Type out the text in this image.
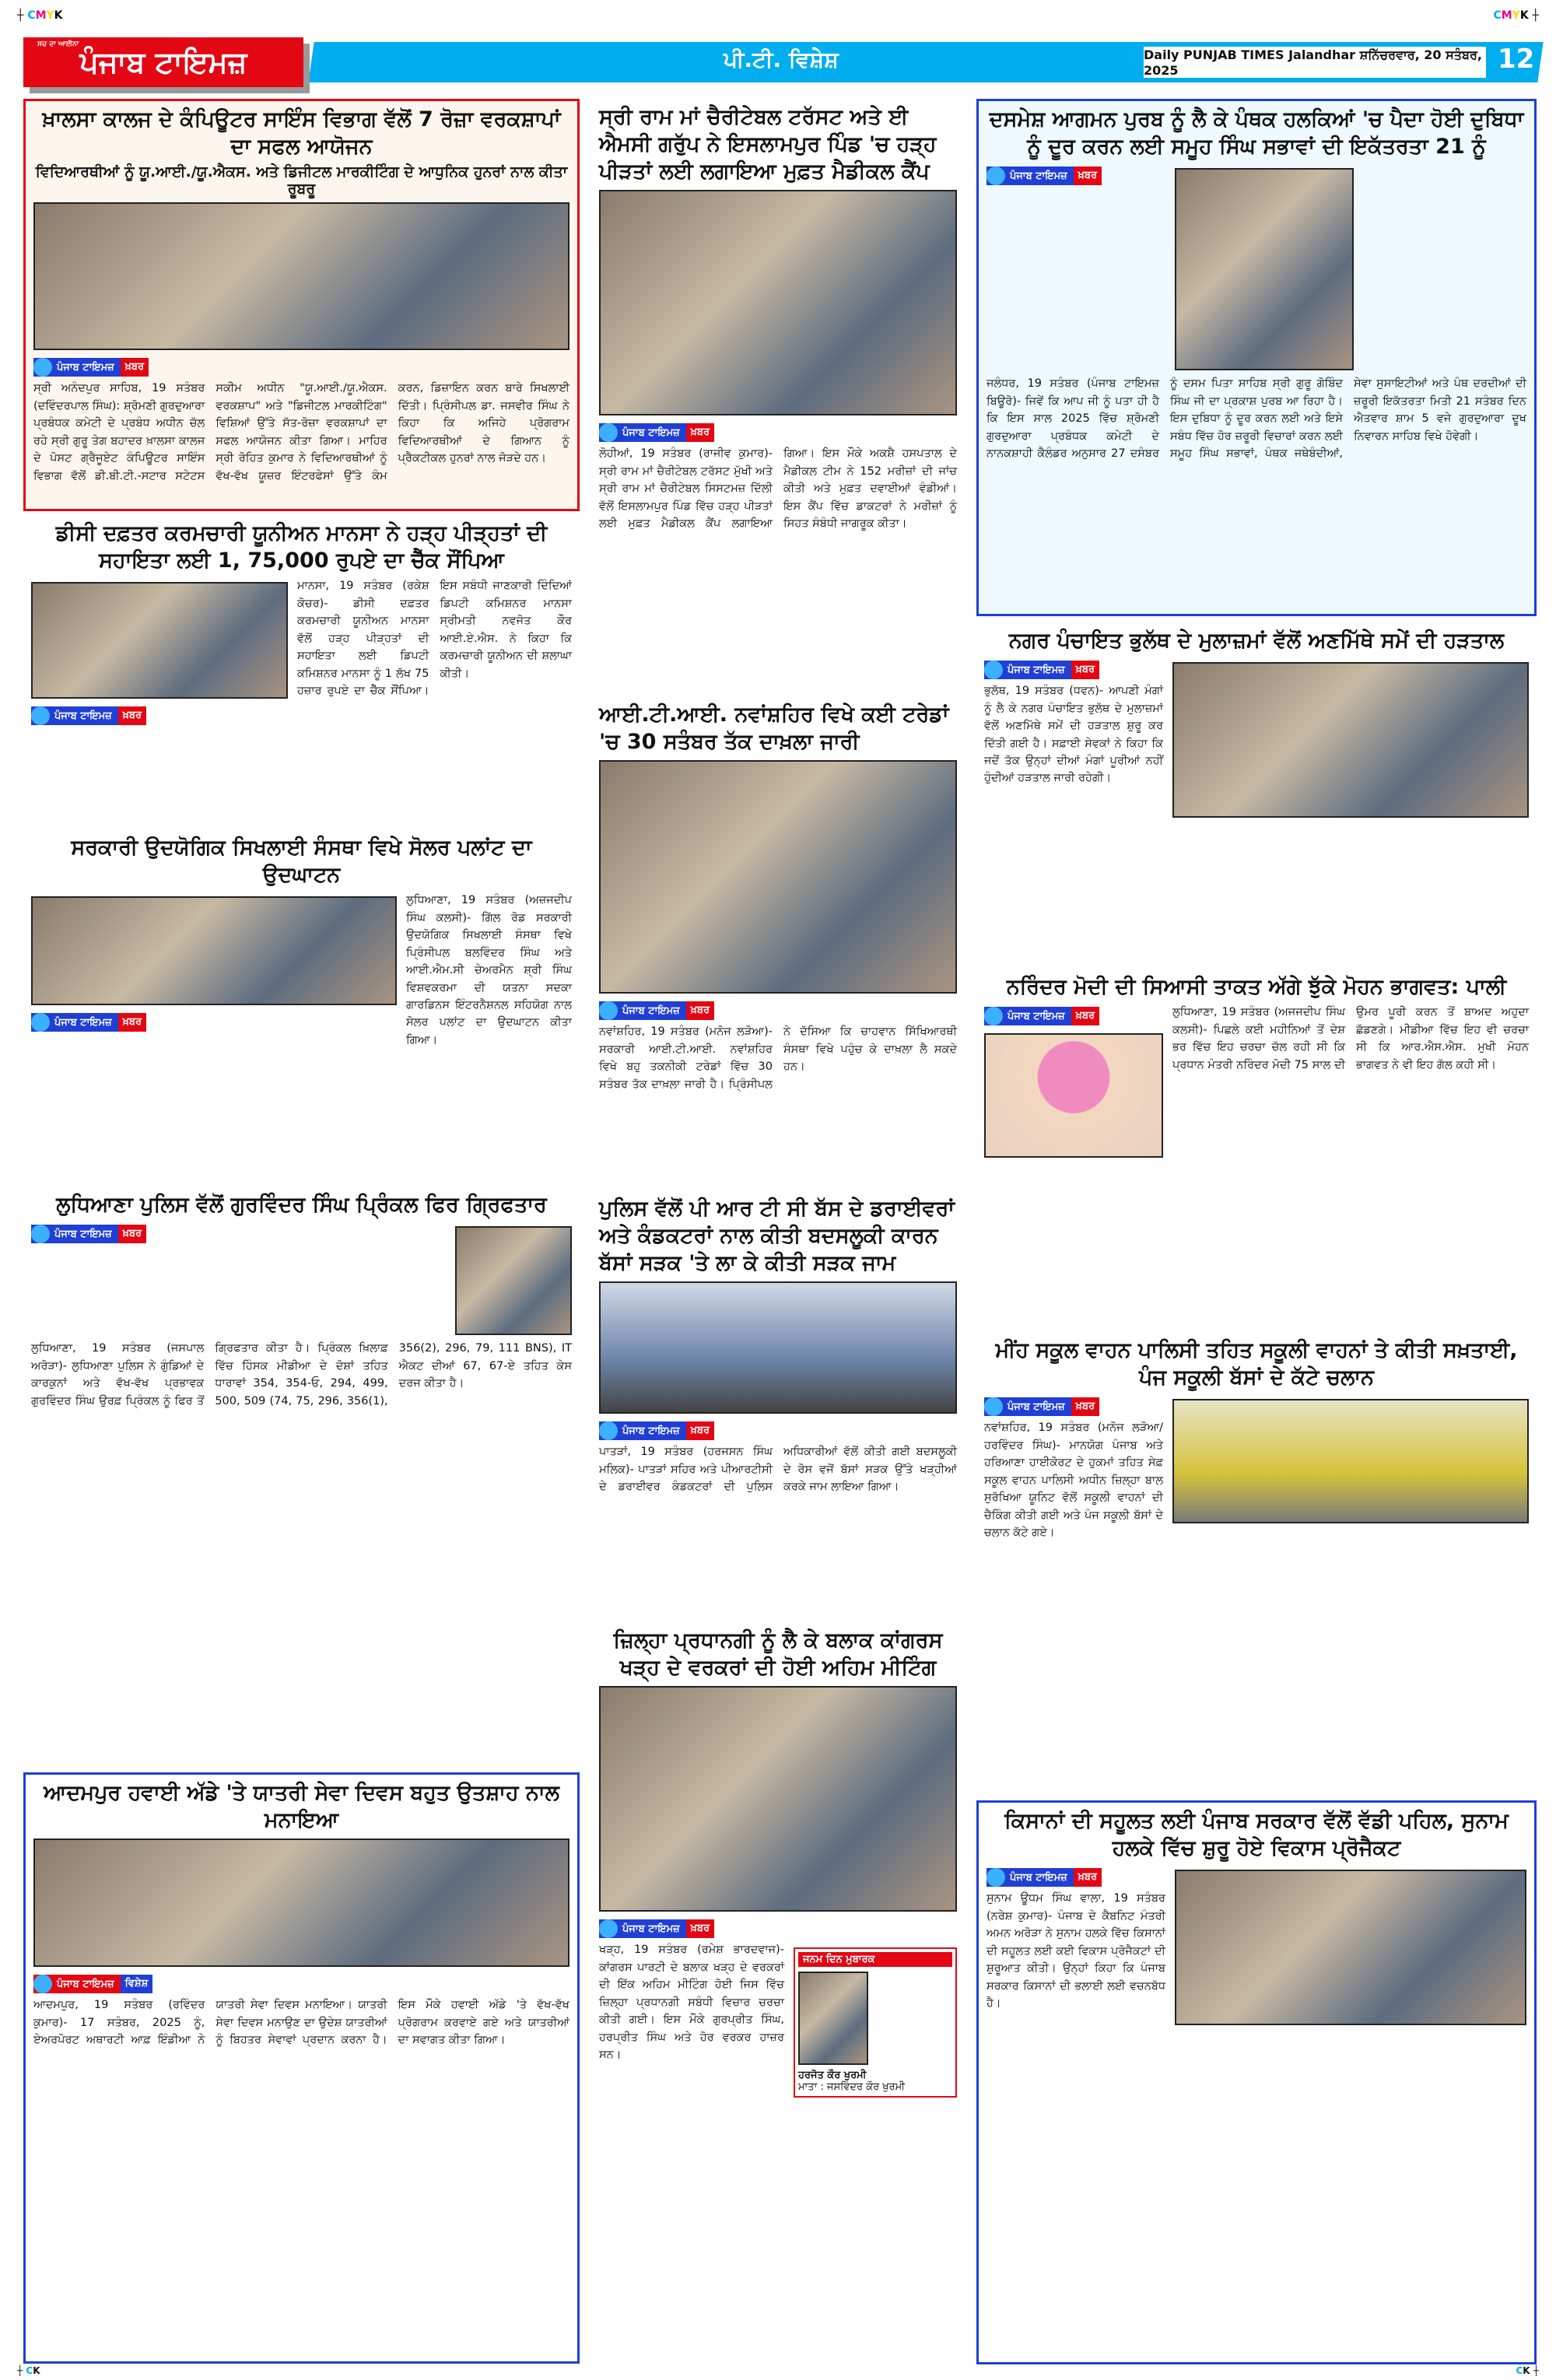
┼ CMYK	CMYK ┼
ਸਚ ਦਾ ਆਈਨਾ
ਪੰਜਾਬ ਟਾਇਮਜ਼	ਪੀ.ਟੀ. ਵਿਸ਼ੇਸ਼	Daily PUNJAB TIMES Jalandhar ਸ਼ਨਿੱਚਰਵਾਰ, 20 ਸਤੰਬਰ, 2025	12
ਖ਼ਾਲਸਾ ਕਾਲਜ ਦੇ ਕੰਪਿਊਟਰ ਸਾਇੰਸ ਵਿਭਾਗ ਵੱਲੋਂ 7 ਰੋਜ਼ਾ ਵਰਕਸ਼ਾਪਾਂ ਦਾ ਸਫਲ ਆਯੋਜਨ
ਵਿਦਿਆਰਥੀਆਂ ਨੂੰ ਯੂ.ਆਈ./ਯੂ.ਐਕਸ. ਅਤੇ ਡਿਜੀਟਲ ਮਾਰਕੀਟਿੰਗ ਦੇ ਆਧੁਨਿਕ ਹੁਨਰਾਂ ਨਾਲ ਕੀਤਾ ਰੂਬਰੂ
ਪੰਜਾਬ ਟਾਇਮਜ਼	ਖ਼ਬਰ
ਸ੍ਰੀ ਅਨੰਦਪੁਰ ਸਾਹਿਬ, 19 ਸਤੰਬਰ (ਦਵਿੰਦਰਪਾਲ ਸਿੰਘ): ਸ਼੍ਰੋਮਣੀ ਗੁਰਦੁਆਰਾ ਪ੍ਰਬੰਧਕ ਕਮੇਟੀ ਦੇ ਪ੍ਰਬੰਧ ਅਧੀਨ ਚੱਲ ਰਹੇ ਸ੍ਰੀ ਗੁਰੂ ਤੇਗ ਬਹਾਦਰ ਖ਼ਾਲਸਾ ਕਾਲਜ ਦੇ ਪੋਸਟ ਗ੍ਰੈਜੂਏਟ ਕੰਪਿਊਟਰ ਸਾਇੰਸ ਵਿਭਾਗ ਵੱਲੋਂ ਡੀ.ਬੀ.ਟੀ.-ਸਟਾਰ ਸਟੇਟਸ ਸਕੀਮ ਅਧੀਨ "ਯੂ.ਆਈ./ਯੂ.ਐਕਸ. ਵਰਕਸ਼ਾਪ" ਅਤੇ "ਡਿਜੀਟਲ ਮਾਰਕੀਟਿੰਗ" ਵਿਸ਼ਿਆਂ ਉੱਤੇ ਸੱਤ-ਰੋਜ਼ਾ ਵਰਕਸ਼ਾਪਾਂ ਦਾ ਸਫਲ ਆਯੋਜਨ ਕੀਤਾ ਗਿਆ। ਮਾਹਿਰ ਸ੍ਰੀ ਰੋਹਿਤ ਕੁਮਾਰ ਨੇ ਵਿਦਿਆਰਥੀਆਂ ਨੂੰ ਵੱਖ-ਵੱਖ ਯੂਜ਼ਰ ਇੰਟਰਫੇਸਾਂ ਉੱਤੇ ਕੰਮ ਕਰਨ, ਡਿਜ਼ਾਇਨ ਕਰਨ ਬਾਰੇ ਸਿਖਲਾਈ ਦਿੱਤੀ। ਪ੍ਰਿੰਸੀਪਲ ਡਾ. ਜਸਵੀਰ ਸਿੰਘ ਨੇ ਕਿਹਾ ਕਿ ਅਜਿਹੇ ਪ੍ਰੋਗਰਾਮ ਵਿਦਿਆਰਥੀਆਂ ਦੇ ਗਿਆਨ ਨੂੰ ਪ੍ਰੈਕਟੀਕਲ ਹੁਨਰਾਂ ਨਾਲ ਜੋੜਦੇ ਹਨ।
ਡੀਸੀ ਦਫ਼ਤਰ ਕਰਮਚਾਰੀ ਯੂਨੀਅਨ ਮਾਨਸਾ ਨੇ ਹੜ੍ਹ ਪੀੜ੍ਹਤਾਂ ਦੀ ਸਹਾਇਤਾ ਲਈ 1, 75,000 ਰੁਪਏ ਦਾ ਚੈੱਕ ਸੌਂਪਿਆ
ਪੰਜਾਬ ਟਾਇਮਜ਼	ਖ਼ਬਰ
ਮਾਨਸਾ, 19 ਸਤੰਬਰ (ਰਕੇਸ਼ ਕੋਚਰ)- ਡੀਸੀ ਦਫ਼ਤਰ ਕਰਮਚਾਰੀ ਯੂਨੀਅਨ ਮਾਨਸਾ ਵੱਲੋਂ ਹੜ੍ਹ ਪੀੜ੍ਹਤਾਂ ਦੀ ਸਹਾਇਤਾ ਲਈ ਡਿਪਟੀ ਕਮਿਸ਼ਨਰ ਮਾਨਸਾ ਨੂੰ 1 ਲੱਖ 75 ਹਜ਼ਾਰ ਰੁਪਏ ਦਾ ਚੈੱਕ ਸੌਂਪਿਆ। ਇਸ ਸਬੰਧੀ ਜਾਣਕਾਰੀ ਦਿੰਦਿਆਂ ਡਿਪਟੀ ਕਮਿਸ਼ਨਰ ਮਾਨਸਾ ਸ੍ਰੀਮਤੀ ਨਵਜੋਤ ਕੌਰ ਆਈ.ਏ.ਐਸ. ਨੇ ਕਿਹਾ ਕਿ ਕਰਮਚਾਰੀ ਯੂਨੀਅਨ ਦੀ ਸ਼ਲਾਘਾ ਕੀਤੀ।
ਸਰਕਾਰੀ ਉਦਯੋਗਿਕ ਸਿਖਲਾਈ ਸੰਸਥਾ ਵਿਖੇ ਸੋਲਰ ਪਲਾਂਟ ਦਾ ਉਦਘਾਟਨ
ਪੰਜਾਬ ਟਾਇਮਜ਼	ਖ਼ਬਰ
ਲੁਧਿਆਣਾ, 19 ਸਤੰਬਰ (ਅਜ਼ਜਦੀਪ ਸਿੰਘ ਕਲਸੀ)- ਗਿੱਲ ਰੋਡ ਸਰਕਾਰੀ ਉਦਯੋਗਿਕ ਸਿਖਲਾਈ ਸੰਸਥਾ ਵਿਖੇ ਪ੍ਰਿੰਸੀਪਲ ਬਲਵਿੰਦਰ ਸਿੰਘ ਅਤੇ ਆਈ.ਐਮ.ਸੀ ਚੇਅਰਮੈਨ ਸ਼੍ਰੀ ਸਿੰਘ ਵਿਸ਼ਵਕਰਮਾ ਦੀ ਯਤਨਾ ਸਦਕਾ ਗਾਰਡਿਨਸ ਇੰਟਰਨੈਸ਼ਨਲ ਸਹਿਯੋਗ ਨਾਲ ਸੋਲਰ ਪਲਾਂਟ ਦਾ ਉਦਘਾਟਨ ਕੀਤਾ ਗਿਆ।
ਲੁਧਿਆਣਾ ਪੁਲਿਸ ਵੱਲੋਂ ਗੁਰਵਿੰਦਰ ਸਿੰਘ ਪ੍ਰਿੰਕਲ ਫਿਰ ਗ੍ਰਿਫਤਾਰ
ਪੰਜਾਬ ਟਾਇਮਜ਼	ਖ਼ਬਰ
ਲੁਧਿਆਣਾ, 19 ਸਤੰਬਰ (ਜਸਪਾਲ ਅਰੋੜਾ)- ਲੁਧਿਆਣਾ ਪੁਲਿਸ ਨੇ ਗੁੰਡਿਆਂ ਦੇ ਕਾਰਕੁਨਾਂ ਅਤੇ ਵੱਖ-ਵੱਖ ਪ੍ਰਭਾਵਕ ਗੁਰਵਿੰਦਰ ਸਿੰਘ ਉਰਫ਼ ਪ੍ਰਿੰਕਲ ਨੂੰ ਫਿਰ ਤੋਂ ਗ੍ਰਿਫਤਾਰ ਕੀਤਾ ਹੈ। ਪ੍ਰਿੰਕਲ ਖ਼ਿਲਾਫ਼ ਵਿੱਚ ਹਿੰਸਕ ਮੀਡੀਆ ਦੇ ਦੋਸ਼ਾਂ ਤਹਿਤ ਧਾਰਾਵਾਂ 354, 354-ਓ, 294, 499, 500, 509 (74, 75, 296, 356(1), 356(2), 296, 79, 111 BNS), IT ਐਕਟ ਦੀਆਂ 67, 67-ਏ ਤਹਿਤ ਕੇਸ ਦਰਜ ਕੀਤਾ ਹੈ।
ਆਦਮਪੁਰ ਹਵਾਈ ਅੱਡੇ 'ਤੇ ਯਾਤਰੀ ਸੇਵਾ ਦਿਵਸ ਬਹੁਤ ਉਤਸ਼ਾਹ ਨਾਲ ਮਨਾਇਆ
ਪੰਜਾਬ ਟਾਇਮਜ਼	ਵਿਸ਼ੇਸ਼
ਆਦਮਪੁਰ, 19 ਸਤੰਬਰ (ਰਵਿੰਦਰ ਕੁਮਾਰ)- 17 ਸਤੰਬਰ, 2025 ਨੂੰ, ਏਅਰਪੋਰਟ ਅਥਾਰਟੀ ਆਫ਼ ਇੰਡੀਆ ਨੇ ਯਾਤਰੀ ਸੇਵਾ ਦਿਵਸ ਮਨਾਇਆ। ਯਾਤਰੀ ਸੇਵਾ ਦਿਵਸ ਮਨਾਉਣ ਦਾ ਉਦੇਸ਼ ਯਾਤਰੀਆਂ ਨੂੰ ਬਿਹਤਰ ਸੇਵਾਵਾਂ ਪ੍ਰਦਾਨ ਕਰਨਾ ਹੈ। ਇਸ ਮੌਕੇ ਹਵਾਈ ਅੱਡੇ 'ਤੇ ਵੱਖ-ਵੱਖ ਪ੍ਰੋਗਰਾਮ ਕਰਵਾਏ ਗਏ ਅਤੇ ਯਾਤਰੀਆਂ ਦਾ ਸਵਾਗਤ ਕੀਤਾ ਗਿਆ।
ਸ੍ਰੀ ਰਾਮ ਮਾਂ ਚੈਰੀਟੇਬਲ ਟਰੱਸਟ ਅਤੇ ਈ ਐਮਸੀ ਗਰੁੱਪ ਨੇ ਇਸਲਾਮਪੁਰ ਪਿੰਡ 'ਚ ਹੜ੍ਹ ਪੀੜਤਾਂ ਲਈ ਲਗਾਇਆ ਮੁਫ਼ਤ ਮੈਡੀਕਲ ਕੈਂਪ
ਪੰਜਾਬ ਟਾਇਮਜ਼	ਖ਼ਬਰ
ਲੋਹੀਆਂ, 19 ਸਤੰਬਰ (ਰਾਜੀਵ ਕੁਮਾਰ)- ਸ੍ਰੀ ਰਾਮ ਮਾਂ ਚੈਰੀਟੇਬਲ ਟਰੱਸਟ ਮੁੱਖੀ ਅਤੇ ਸ੍ਰੀ ਰਾਮ ਮਾਂ ਚੈਰੀਟੇਬਲ ਸਿਸਟਮਜ਼ ਦਿੱਲੀ ਵੱਲੋਂ ਇਸਲਾਮਪੁਰ ਪਿੰਡ ਵਿੱਚ ਹੜ੍ਹ ਪੀੜਤਾਂ ਲਈ ਮੁਫ਼ਤ ਮੈਡੀਕਲ ਕੈਂਪ ਲਗਾਇਆ ਗਿਆ। ਇਸ ਮੌਕੇ ਅਕਸ਼ੈ ਹਸਪਤਾਲ ਦੇ ਮੈਡੀਕਲ ਟੀਮ ਨੇ 152 ਮਰੀਜ਼ਾਂ ਦੀ ਜਾਂਚ ਕੀਤੀ ਅਤੇ ਮੁਫ਼ਤ ਦਵਾਈਆਂ ਵੰਡੀਆਂ। ਇਸ ਕੈਂਪ ਵਿੱਚ ਡਾਕਟਰਾਂ ਨੇ ਮਰੀਜ਼ਾਂ ਨੂੰ ਸਿਹਤ ਸੰਬੰਧੀ ਜਾਗਰੂਕ ਕੀਤਾ।
ਆਈ.ਟੀ.ਆਈ. ਨਵਾਂਸ਼ਹਿਰ ਵਿਖੇ ਕਈ ਟਰੇਡਾਂ 'ਚ 30 ਸਤੰਬਰ ਤੱਕ ਦਾਖ਼ਲਾ ਜਾਰੀ
ਪੰਜਾਬ ਟਾਇਮਜ਼	ਖ਼ਬਰ
ਨਵਾਂਸ਼ਹਿਰ, 19 ਸਤੰਬਰ (ਮਨੋਜ ਲੜੋਆ)- ਸਰਕਾਰੀ ਆਈ.ਟੀ.ਆਈ. ਨਵਾਂਸ਼ਹਿਰ ਵਿਖੇ ਬਹੁ ਤਕਨੀਕੀ ਟਰੇਡਾਂ ਵਿੱਚ 30 ਸਤੰਬਰ ਤੱਕ ਦਾਖ਼ਲਾ ਜਾਰੀ ਹੈ। ਪ੍ਰਿੰਸੀਪਲ ਨੇ ਦੱਸਿਆ ਕਿ ਚਾਹਵਾਨ ਸਿੱਖਿਆਰਥੀ ਸੰਸਥਾ ਵਿਖੇ ਪਹੁੰਚ ਕੇ ਦਾਖ਼ਲਾ ਲੈ ਸਕਦੇ ਹਨ।
ਪੁਲਿਸ ਵੱਲੋਂ ਪੀ ਆਰ ਟੀ ਸੀ ਬੱਸ ਦੇ ਡਰਾਈਵਰਾਂ ਅਤੇ ਕੰਡਕਟਰਾਂ ਨਾਲ ਕੀਤੀ ਬਦਸਲੂਕੀ ਕਾਰਨ ਬੱਸਾਂ ਸੜਕ 'ਤੇ ਲਾ ਕੇ ਕੀਤੀ ਸੜਕ ਜਾਮ
ਪੰਜਾਬ ਟਾਇਮਜ਼	ਖ਼ਬਰ
ਪਾਤੜਾਂ, 19 ਸਤੰਬਰ (ਹਰਜਸਨ ਸਿੰਘ ਮਲਿਕ)- ਪਾਤੜਾਂ ਸਹਿਰ ਅਤੇ ਪੀਆਰਟੀਸੀ ਦੇ ਡਰਾਈਵਰ ਕੰਡਕਟਰਾਂ ਦੀ ਪੁਲਿਸ ਅਧਿਕਾਰੀਆਂ ਵੱਲੋਂ ਕੀਤੀ ਗਈ ਬਦਸਲੂਕੀ ਦੇ ਰੋਸ ਵਜੋਂ ਬੱਸਾਂ ਸੜਕ ਉੱਤੇ ਖੜ੍ਹੀਆਂ ਕਰਕੇ ਜਾਮ ਲਾਇਆ ਗਿਆ।
ਜ਼ਿਲ੍ਹਾ ਪ੍ਰਧਾਨਗੀ ਨੂੰ ਲੈ ਕੇ ਬਲਾਕ ਕਾਂਗਰਸ ਖੜ੍ਹ ਦੇ ਵਰਕਰਾਂ ਦੀ ਹੋਈ ਅਹਿਮ ਮੀਟਿੰਗ
ਪੰਜਾਬ ਟਾਇਮਜ਼	ਖ਼ਬਰ
ਖੜ੍ਹ, 19 ਸਤੰਬਰ (ਰਮੇਸ਼ ਭਾਰਦਵਾਜ)- ਕਾਂਗਰਸ ਪਾਰਟੀ ਦੇ ਬਲਾਕ ਖੜ੍ਹ ਦੇ ਵਰਕਰਾਂ ਦੀ ਇੱਕ ਅਹਿਮ ਮੀਟਿੰਗ ਹੋਈ ਜਿਸ ਵਿੱਚ ਜ਼ਿਲ੍ਹਾ ਪ੍ਰਧਾਨਗੀ ਸਬੰਧੀ ਵਿਚਾਰ ਚਰਚਾ ਕੀਤੀ ਗਈ। ਇਸ ਮੌਕੇ ਗੁਰਪ੍ਰੀਤ ਸਿੰਘ, ਹਰਪ੍ਰੀਤ ਸਿੰਘ ਅਤੇ ਹੋਰ ਵਰਕਰ ਹਾਜ਼ਰ ਸਨ।
ਜਨਮ ਦਿਨ ਮੁਬਾਰਕ
ਹਰਜੋਤ ਕੌਰ ਖੁਰਮੀ
ਮਾਤਾ : ਜਸਵਿੰਦਰ ਕੌਰ ਖੁਰਮੀ
ਦਸਮੇਸ਼ ਆਗਮਨ ਪੁਰਬ ਨੂੰ ਲੈ ਕੇ ਪੰਥਕ ਹਲਕਿਆਂ 'ਚ ਪੈਦਾ ਹੋਈ ਦੁਬਿਧਾ ਨੂੰ ਦੂਰ ਕਰਨ ਲਈ ਸਮੂਹ ਸਿੰਘ ਸਭਾਵਾਂ ਦੀ ਇਕੱਤਰਤਾ 21 ਨੂੰ
ਪੰਜਾਬ ਟਾਇਮਜ਼	ਖ਼ਬਰ
ਜਲੰਧਰ, 19 ਸਤੰਬਰ (ਪੰਜਾਬ ਟਾਇਮਜ਼ ਬਿਊਰੋ)- ਜਿਵੇਂ ਕਿ ਆਪ ਜੀ ਨੂੰ ਪਤਾ ਹੀ ਹੈ ਕਿ ਇਸ ਸਾਲ 2025 ਵਿੱਚ ਸ਼੍ਰੋਮਣੀ ਗੁਰਦੁਆਰਾ ਪ੍ਰਬੰਧਕ ਕਮੇਟੀ ਦੇ ਨਾਨਕਸ਼ਾਹੀ ਕੈਲੰਡਰ ਅਨੁਸਾਰ 27 ਦਸੰਬਰ ਨੂੰ ਦਸਮ ਪਿਤਾ ਸਾਹਿਬ ਸ੍ਰੀ ਗੁਰੂ ਗੋਬਿੰਦ ਸਿੰਘ ਜੀ ਦਾ ਪ੍ਰਕਾਸ਼ ਪੁਰਬ ਆ ਰਿਹਾ ਹੈ। ਇਸ ਦੁਬਿਧਾ ਨੂੰ ਦੂਰ ਕਰਨ ਲਈ ਅਤੇ ਇਸੇ ਸਬੰਧ ਵਿੱਚ ਹੋਰ ਜ਼ਰੂਰੀ ਵਿਚਾਰਾਂ ਕਰਨ ਲਈ ਸਮੂਹ ਸਿੰਘ ਸਭਾਵਾਂ, ਪੰਥਕ ਜਥੇਬੰਦੀਆਂ, ਸੇਵਾ ਸੁਸਾਇਟੀਆਂ ਅਤੇ ਪੰਥ ਦਰਦੀਆਂ ਦੀ ਜ਼ਰੂਰੀ ਇਕੱਤਰਤਾ ਮਿਤੀ 21 ਸਤੰਬਰ ਦਿਨ ਐਤਵਾਰ ਸ਼ਾਮ 5 ਵਜੇ ਗੁਰਦੁਆਰਾ ਦੂਖ ਨਿਵਾਰਨ ਸਾਹਿਬ ਵਿਖੇ ਹੋਵੇਗੀ।
ਨਗਰ ਪੰਚਾਇਤ ਭੁਲੱਥ ਦੇ ਮੁਲਾਜ਼ਮਾਂ ਵੱਲੋਂ ਅਣਮਿੱਥੇ ਸਮੇਂ ਦੀ ਹੜਤਾਲ
ਪੰਜਾਬ ਟਾਇਮਜ਼	ਖ਼ਬਰ
ਭੁਲੱਥ, 19 ਸਤੰਬਰ (ਧਵਨ)- ਆਪਣੀ ਮੰਗਾਂ ਨੂੰ ਲੈ ਕੇ ਨਗਰ ਪੰਚਾਇਤ ਭੁਲੱਥ ਦੇ ਮੁਲਾਜ਼ਮਾਂ ਵੱਲੋਂ ਅਣਮਿੱਥੇ ਸਮੇਂ ਦੀ ਹੜਤਾਲ ਸ਼ੁਰੂ ਕਰ ਦਿੱਤੀ ਗਈ ਹੈ। ਸਫ਼ਾਈ ਸੇਵਕਾਂ ਨੇ ਕਿਹਾ ਕਿ ਜਦੋਂ ਤੱਕ ਉਨ੍ਹਾਂ ਦੀਆਂ ਮੰਗਾਂ ਪੂਰੀਆਂ ਨਹੀਂ ਹੁੰਦੀਆਂ ਹੜਤਾਲ ਜਾਰੀ ਰਹੇਗੀ।
ਨਰਿੰਦਰ ਮੋਦੀ ਦੀ ਸਿਆਸੀ ਤਾਕਤ ਅੱਗੇ ਝੁੱਕੇ ਮੋਹਨ ਭਾਗਵਤ: ਪਾਲੀ
ਪੰਜਾਬ ਟਾਇਮਜ਼	ਖ਼ਬਰ	ਲੁਧਿਆਣਾ, 19 ਸਤੰਬਰ (ਅਜਜਦੀਪ ਸਿੰਘ ਕਲਸੀ)- ਪਿਛਲੇ ਕਈ ਮਹੀਨਿਆਂ ਤੋਂ ਦੇਸ਼ ਭਰ ਵਿੱਚ ਇਹ ਚਰਚਾ ਚੱਲ ਰਹੀ ਸੀ ਕਿ ਪ੍ਰਧਾਨ ਮੰਤਰੀ ਨਰਿੰਦਰ ਮੋਦੀ 75 ਸਾਲ ਦੀ ਉਮਰ ਪੂਰੀ ਕਰਨ ਤੋਂ ਬਾਅਦ ਅਹੁਦਾ ਛੱਡਣਗੇ। ਮੀਡੀਆ ਵਿੱਚ ਇਹ ਵੀ ਚਰਚਾ ਸੀ ਕਿ ਆਰ.ਐਸ.ਐਸ. ਮੁਖੀ ਮੋਹਨ ਭਾਗਵਤ ਨੇ ਵੀ ਇਹ ਗੱਲ ਕਹੀ ਸੀ।
ਮੀਂਹ ਸਕੂਲ ਵਾਹਨ ਪਾਲਿਸੀ ਤਹਿਤ ਸਕੂਲੀ ਵਾਹਨਾਂ ਤੇ ਕੀਤੀ ਸਖ਼ਤਾਈ, ਪੰਜ ਸਕੂਲੀ ਬੱਸਾਂ ਦੇ ਕੱਟੇ ਚਲਾਨ
ਪੰਜਾਬ ਟਾਇਮਜ਼	ਖ਼ਬਰ
ਨਵਾਂਸ਼ਹਿਰ, 19 ਸਤੰਬਰ (ਮਨੋਜ ਲੜੋਆ/ਹਰਵਿੰਦਰ ਸਿੰਘ)- ਮਾਨਯੋਗ ਪੰਜਾਬ ਅਤੇ ਹਰਿਆਣਾ ਹਾਈਕੋਰਟ ਦੇ ਹੁਕਮਾਂ ਤਹਿਤ ਸੇਫ਼ ਸਕੂਲ ਵਾਹਨ ਪਾਲਿਸੀ ਅਧੀਨ ਜ਼ਿਲ੍ਹਾ ਬਾਲ ਸੁਰੱਖਿਆ ਯੂਨਿਟ ਵੱਲੋਂ ਸਕੂਲੀ ਵਾਹਨਾਂ ਦੀ ਚੈਕਿੰਗ ਕੀਤੀ ਗਈ ਅਤੇ ਪੰਜ ਸਕੂਲੀ ਬੱਸਾਂ ਦੇ ਚਲਾਨ ਕੱਟੇ ਗਏ।
ਕਿਸਾਨਾਂ ਦੀ ਸਹੂਲਤ ਲਈ ਪੰਜਾਬ ਸਰਕਾਰ ਵੱਲੋਂ ਵੱਡੀ ਪਹਿਲ, ਸੁਨਾਮ ਹਲਕੇ ਵਿੱਚ ਸ਼ੁਰੂ ਹੋਏ ਵਿਕਾਸ ਪ੍ਰੋਜੈਕਟ
ਪੰਜਾਬ ਟਾਇਮਜ਼	ਖ਼ਬਰ
ਸੁਨਾਮ ਊਧਮ ਸਿੰਘ ਵਾਲਾ, 19 ਸਤੰਬਰ (ਨਰੇਸ਼ ਕੁਮਾਰ)- ਪੰਜਾਬ ਦੇ ਕੈਬਨਿਟ ਮੰਤਰੀ ਅਮਨ ਅਰੋੜਾ ਨੇ ਸੁਨਾਮ ਹਲਕੇ ਵਿੱਚ ਕਿਸਾਨਾਂ ਦੀ ਸਹੂਲਤ ਲਈ ਕਈ ਵਿਕਾਸ ਪ੍ਰੋਜੈਕਟਾਂ ਦੀ ਸ਼ੁਰੂਆਤ ਕੀਤੀ। ਉਨ੍ਹਾਂ ਕਿਹਾ ਕਿ ਪੰਜਾਬ ਸਰਕਾਰ ਕਿਸਾਨਾਂ ਦੀ ਭਲਾਈ ਲਈ ਵਚਨਬੱਧ ਹੈ।
┼ CK	CK ┼
